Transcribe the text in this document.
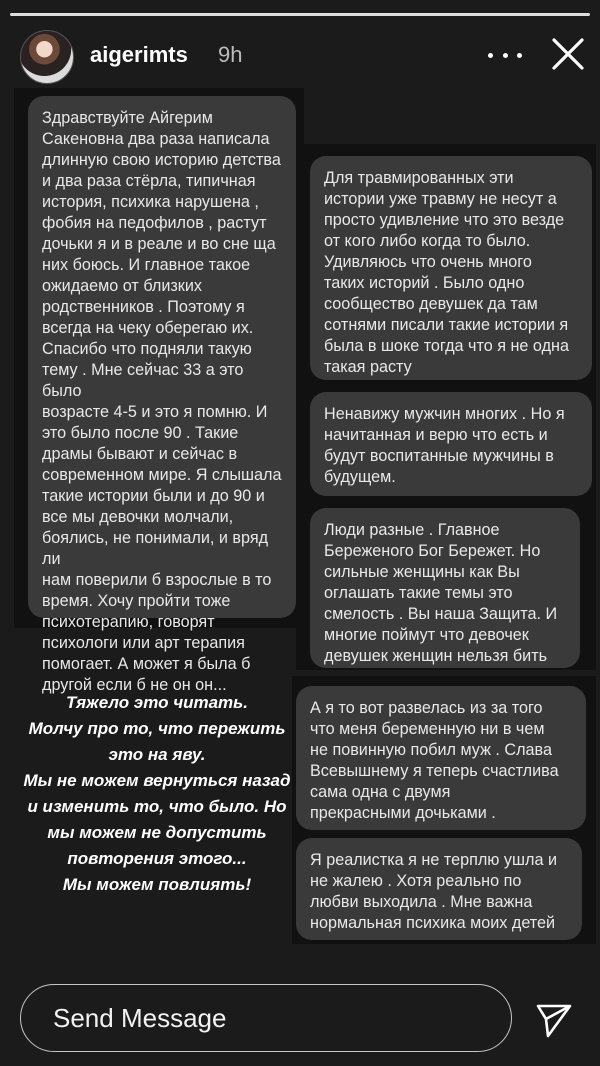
aigerimts 9h
Здравствуйте Айгерим
Сакеновна два раза написала
длинную свою историю детства
и два раза стёрла, типичная
история, психика нарушена ,
фобия на педофилов , растут
дочьки я и в реале и во сне ща
них боюсь. И главное такое
ожидаемо от близких
родственников . Поэтому я
всегда на чеку оберегаю их.
Спасибо что подняли такую
тему . Мне сейчас 33 а это было
возрасте 4-5 и это я помню. И
это было после 90 . Такие
драмы бывают и сейчас в
современном мире. Я слышала
такие истории были и до 90 и
все мы девочки молчали,
боялись, не понимали, и вряд ли
нам поверили б взрослые в то
время. Хочу пройти тоже
психотерапию, говорят
психологи или арт терапия
помогает. А может я была б
другой если б не он он...
Для травмированных эти
истории уже травму не несут а
просто удивление что это везде
от кого либо когда то было.
Удивляюсь что очень много
таких историй . Было одно
сообщество девушек да там
сотнями писали такие истории я
была в шоке тогда что я не одна
такая расту
Ненавижу мужчин многих . Но я
начитанная и верю что есть и
будут воспитанные мужчины в
будущем.
Люди разные . Главное
Береженого Бог Бережет. Но
сильные женщины как Вы
оглашать такие темы это
смелость . Вы наша Защита. И
многие поймут что девочек
девушек женщин нельзя бить
А я то вот развелась из за того
что меня беременную ни в чем
не повинную побил муж . Слава
Всевышнему я теперь счастлива
сама одна с двумя
прекрасными дочьками .
Я реалистка я не терплю ушла и
не жалею . Хотя реально по
любви выходила . Мне важна
нормальная психика моих детей
Тяжело это читать.
Молчу про то, что пережить
это на яву.
Мы не можем вернуться назад
и изменить то, что было. Но
мы можем не допустить
повторения этого...
Мы можем повлиять!
Send Message
